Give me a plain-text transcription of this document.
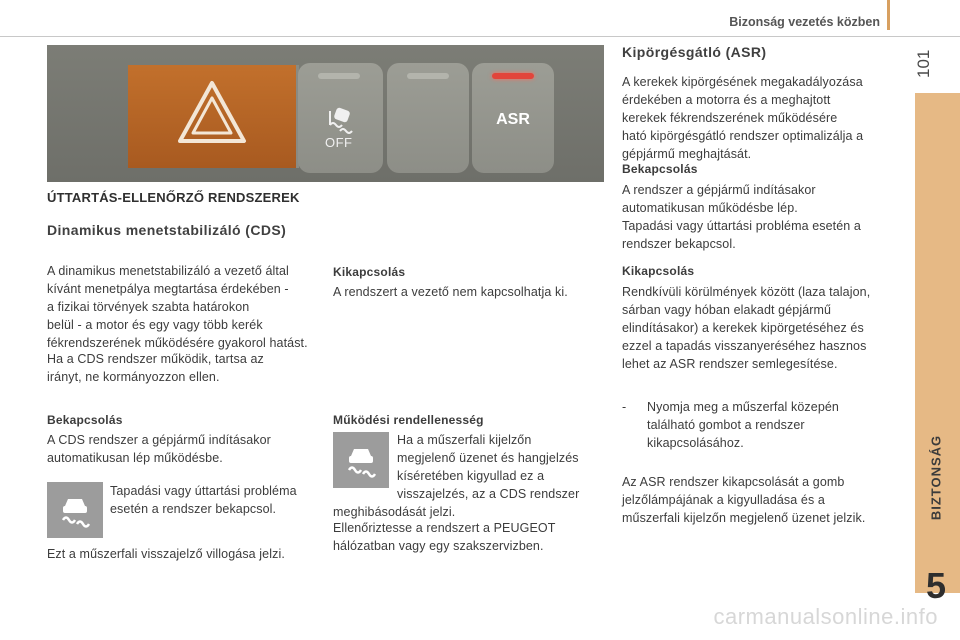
Bizonság vezetés közben
101
BIZTONSÁG
5
OFF
ASR
ÚTTARTÁS-ELLENŐRZŐ RENDSZEREK
Dinamikus menetstabilizáló (CDS)

A dinamikus menetstabilizáló a vezető által
kívánt menetpálya megtartása érdekében -
a fizikai törvények szabta határokon
belül - a motor és egy vagy több kerék
fékrendszerének működésére gyakorol hatást.

Ha a CDS rendszer működik, tartsa az
irányt, ne kormányozzon ellen.

Bekapcsolás

A CDS rendszer a gépjármű indításakor
automatikusan lép működésbe.

Tapadási vagy úttartási probléma
esetén a rendszer bekapcsol.

Ezt a műszerfali visszajelző villogása jelzi.

Kikapcsolás

A rendszert a vezető nem kapcsolhatja ki.

Működési rendellenesség

Ha a műszerfali kijelzőn
megjelenő üzenet és hangjelzés
kíséretében kigyullad ez a
visszajelzés, az a CDS rendszer

meghibásodását jelzi.

Ellenőriztesse a rendszert a PEUGEOT
hálózatban vagy egy szakszervizben.

Kipörgésgátló (ASR)

A kerekek kipörgésének megakadályozása
érdekében a motorra és a meghajtott
kerekek fékrendszerének működésére
ható kipörgésgátló rendszer optimalizálja a
gépjármű meghajtását.

Bekapcsolás

A rendszer a gépjármű indításakor
automatikusan működésbe lép.

Tapadási vagy úttartási probléma esetén a
rendszer bekapcsol.

Kikapcsolás

Rendkívüli körülmények között (laza talajon,
sárban vagy hóban elakadt gépjármű
elindításakor) a kerekek kipörgetéséhez és
ezzel a tapadás visszanyeréséhez hasznos
lehet az ASR rendszer semlegesítése.

- Nyomja meg a műszerfal közepén
található gombot a rendszer
kikapcsolásához.

Az ASR rendszer kikapcsolását a gomb
jelzőlámpájának a kigyulladása és a
műszerfali kijelzőn megjelenő üzenet jelzik.

carmanualsonline.info
